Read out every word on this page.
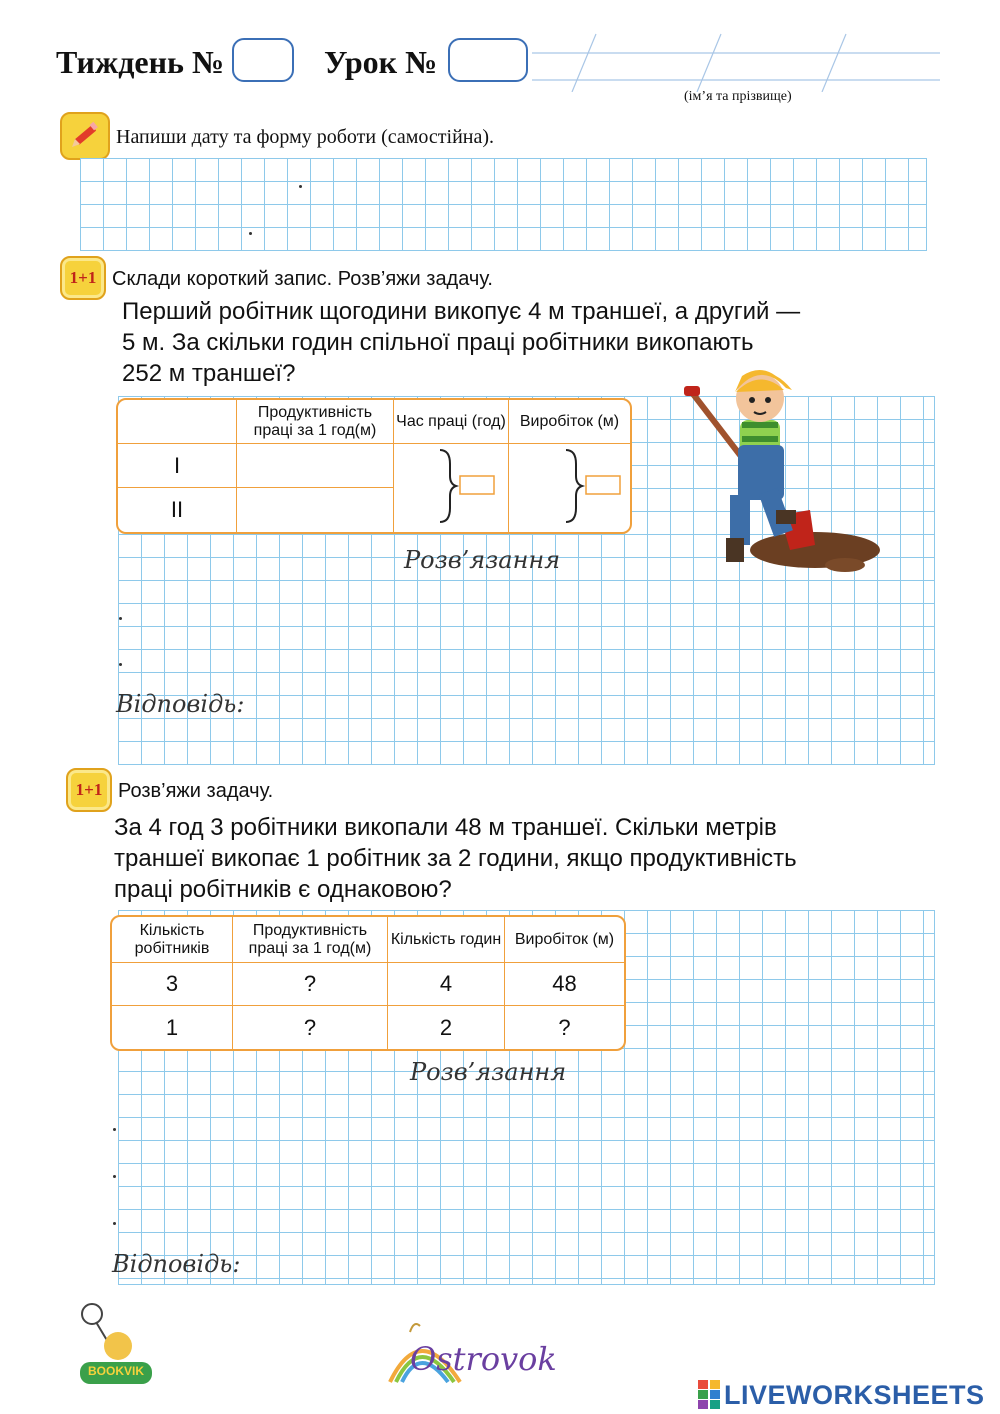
Тиждень №	Урок №
(ім’я та прізвище)
Напиши дату та форму роботи (самостійна).
1+1 Склади короткий запис. Розв’яжи задачу.
Перший робітник щогодини викопує 4 м траншеї, а другий —
5 м. За скільки годин спільної праці робітники викопають
252 м траншеї?
	Продуктивність праці за 1 год(м)	Час праці (год)	Виробіток (м)
I			
II			
Розв’язання
Відповідь:
1+1 Розв’яжи задачу.
За 4 год 3 робітники викопали 48 м траншеї. Скільки метрів
траншеї викопає 1 робітник за 2 години, якщо продуктивність
праці робітників є однаковою?
Кількість робітників	Продуктивність праці за 1 год(м)	Кількість годин	Виробіток (м)
3	?	4	48
1	?	2	?
Розв’язання
Відповідь:
BOOKVIK	Ostrovok
LIVEWORKSHEETS
